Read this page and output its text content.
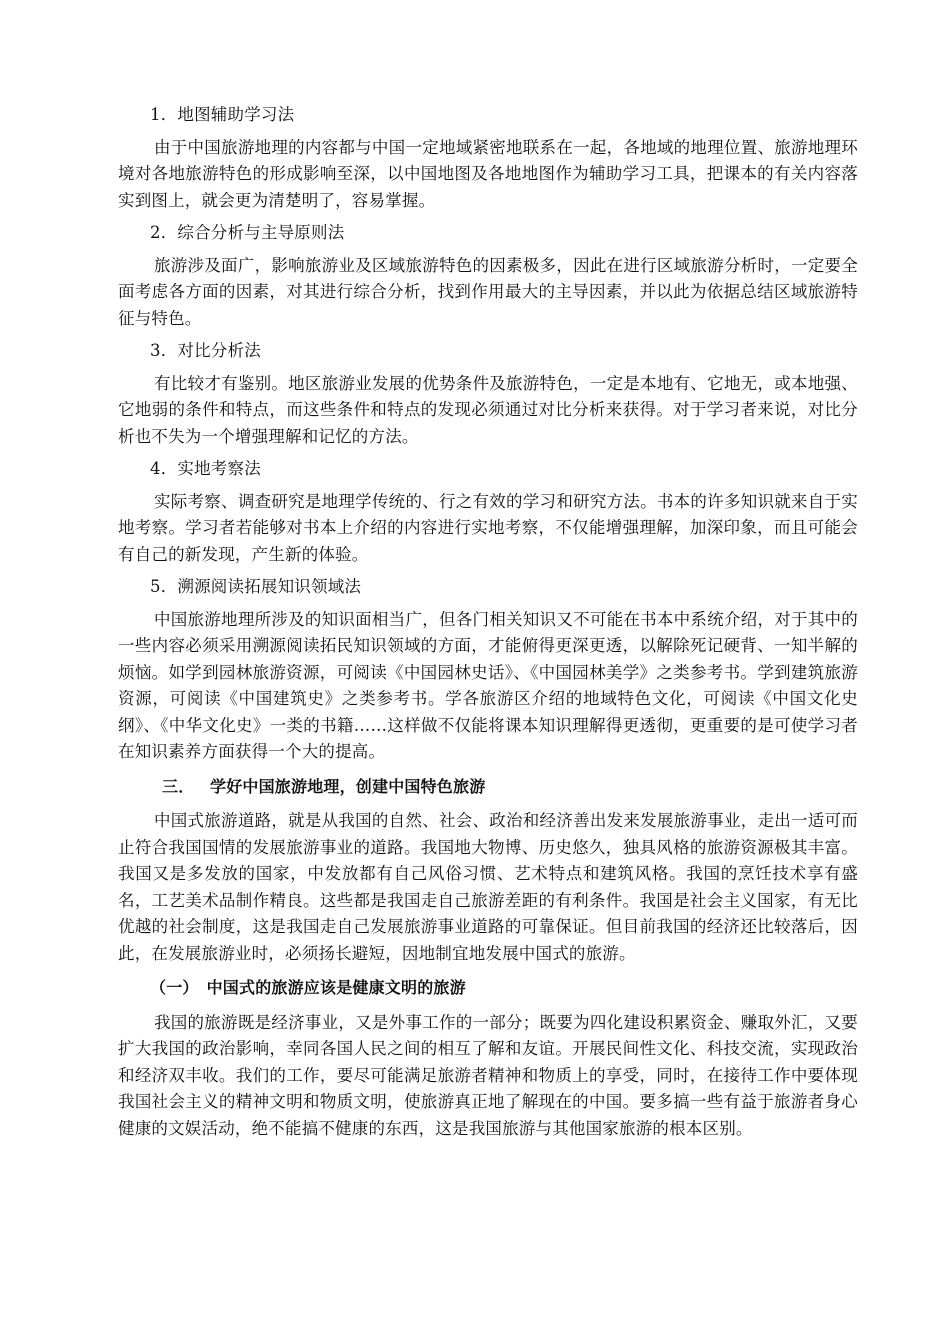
1．地图辅助学习法

由于中国旅游地理的内容都与中国一定地域紧密地联系在一起，各地域的地理位置、旅游地理环境对各地旅游特色的形成影响至深，以中国地图及各地地图作为辅助学习工具，把课本的有关内容落实到图上，就会更为清楚明了，容易掌握。

2．综合分析与主导原则法

旅游涉及面广，影响旅游业及区域旅游特色的因素极多，因此在进行区域旅游分析时，一定要全面考虑各方面的因素，对其进行综合分析，找到作用最大的主导因素，并以此为依据总结区域旅游特征与特色。

3．对比分析法

有比较才有鉴别。地区旅游业发展的优势条件及旅游特色，一定是本地有、它地无，或本地强、它地弱的条件和特点，而这些条件和特点的发现必须通过对比分析来获得。对于学习者来说，对比分析也不失为一个增强理解和记忆的方法。

4．实地考察法

实际考察、调查研究是地理学传统的、行之有效的学习和研究方法。书本的许多知识就来自于实地考察。学习者若能够对书本上介绍的内容进行实地考察，不仅能增强理解，加深印象，而且可能会有自己的新发现，产生新的体验。

5．溯源阅读拓展知识领域法

中国旅游地理所涉及的知识面相当广，但各门相关知识又不可能在书本中系统介绍，对于其中的一些内容必须采用溯源阅读拓民知识领域的方面，才能俯得更深更透，以解除死记硬背、一知半解的烦恼。如学到园林旅游资源，可阅读《中国园林史话》、《中国园林美学》之类参考书。学到建筑旅游资源，可阅读《中国建筑史》之类参考书。学各旅游区介绍的地域特色文化，可阅读《中国文化史纲》、《中华文化史》一类的书籍……这样做不仅能将课本知识理解得更透彻，更重要的是可使学习者在知识素养方面获得一个大的提高。

三． 学好中国旅游地理，创建中国特色旅游

中国式旅游道路，就是从我国的自然、社会、政治和经济善出发来发展旅游事业，走出一适可而止符合我国国情的发展旅游事业的道路。我国地大物博、历史悠久，独具风格的旅游资源极其丰富。我国又是多发放的国家，中发放都有自己风俗习惯、艺术特点和建筑风格。我国的烹饪技术享有盛名，工艺美术品制作精良。这些都是我国走自己旅游差距的有利条件。我国是社会主义国家，有无比优越的社会制度，这是我国走自己发展旅游事业道路的可靠保证。但目前我国的经济还比较落后，因此，在发展旅游业时，必须扬长避短，因地制宜地发展中国式的旅游。

（一） 中国式的旅游应该是健康文明的旅游

我国的旅游既是经济事业，又是外事工作的一部分；既要为四化建设积累资金、赚取外汇，又要扩大我国的政治影响，幸同各国人民之间的相互了解和友谊。开展民间性文化、科技交流，实现政治和经济双丰收。我们的工作，要尽可能满足旅游者精神和物质上的享受，同时，在接待工作中要体现我国社会主义的精神文明和物质文明，使旅游真正地了解现在的中国。要多搞一些有益于旅游者身心健康的文娱活动，绝不能搞不健康的东西，这是我国旅游与其他国家旅游的根本区别。
